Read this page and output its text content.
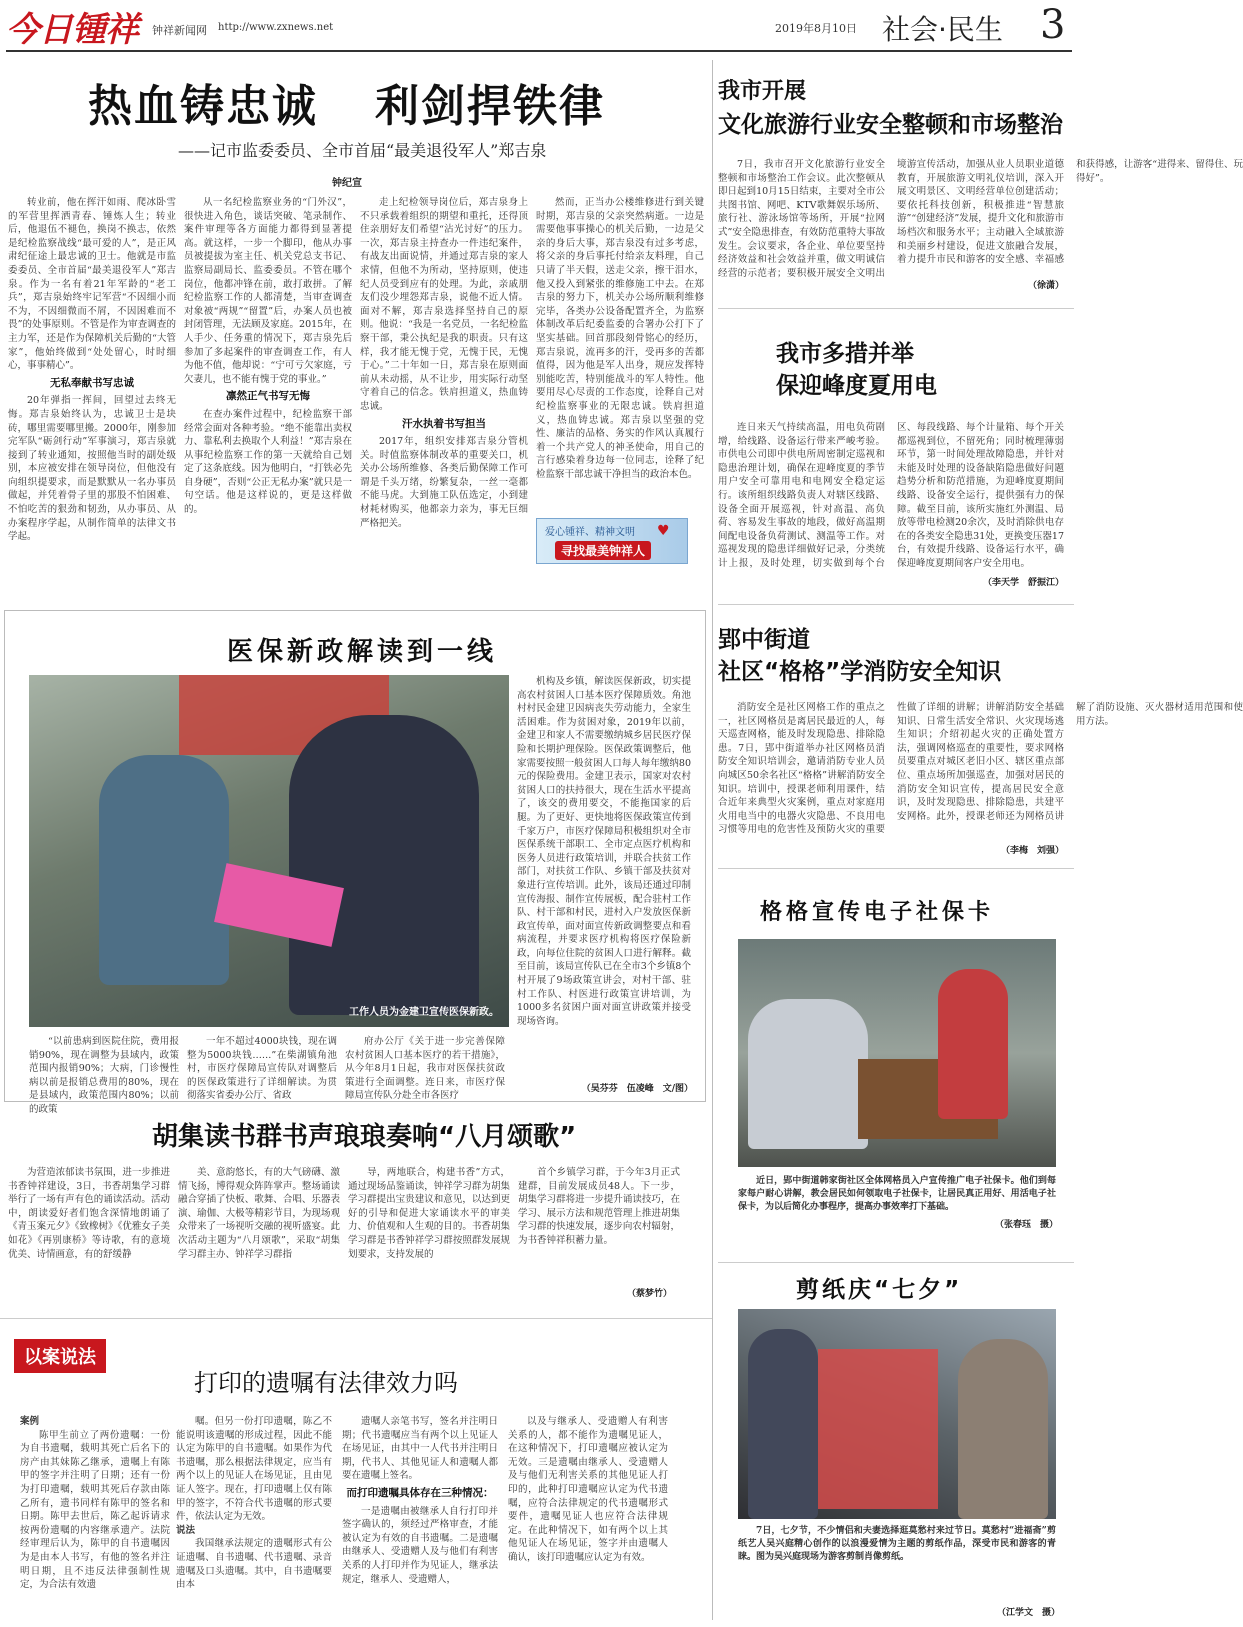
今日锺祥 钟祥新闻网 http://www.zxnews.net	2019年8月10日 社会·民生 3
热血铸忠诚 利剑捍铁律
——记市监委委员、全市首届“最美退役军人”郑吉泉
钟纪宣

转业前，他在挥汗如雨、爬冰卧雪的军营里挥洒青春、锤炼人生；转业后，他退伍不褪色，换岗不换志，依然是纪检监察战线“最可爱的人”，是正风肃纪征途上最忠诚的卫士。他就是市监委委员、全市首届“最美退役军人”郑吉泉。作为一名有着21年军龄的“老工兵”，郑吉泉始终牢记军营“不因细小而不为，不因细微而不屑，不因困难而不畏”的处事原则。不管是作为审查调查的主力军，还是作为保障机关后勤的“大管家”，他始终做到“处处留心，时时细心，事事精心”。

无私奉献书写忠诚

20年弹指一挥间，回望过去终无悔。郑吉泉始终认为，忠诚卫士是块砖，哪里需要哪里搬。2000年，刚参加完军队“砺剑行动”军事演习，郑吉泉就接到了转业通知，按照他当时的副处级别，本应被安排在领导岗位，但他没有向组织提要求，而是默默从一名办事员做起，并凭着骨子里的那股不怕困难、不怕吃苦的狠劲和韧劲，从办事员、从办案程序学起，从制作简单的法律文书学起。

从一名纪检监察业务的“门外汉”，很快进入角色，谈话突破、笔录制作、案件审理等各方面能力都得到显著提高。就这样，一步一个脚印，他从办事员被提拔为室主任、机关党总支书记、监察局副局长、监委委员。不管在哪个岗位，他都冲锋在前，敢打敢拼。了解纪检监察工作的人都清楚，当审查调查对象被“两规”“留置”后，办案人员也被封闭管理，无法顾及家庭。2015年，在人手少、任务重的情况下，郑吉泉先后参加了多起案件的审查调查工作，有人为他不值，他却说：“宁可亏欠家庭，亏欠妻儿，也不能有愧于党的事业。”

凛然正气书写无悔

在查办案件过程中，纪检监察干部经常会面对各种考验。“绝不能靠出卖权力、靠私利去换取个人利益！”郑吉泉在从事纪检监察工作的第一天就给自己划定了这条底线。因为他明白，“打铁必先自身硬”，否则“公正无私办案”就只是一句空话。他是这样说的，更是这样做的。

走上纪检领导岗位后，郑吉泉身上不只承载着组织的期望和重托，还得顶住亲朋好友们希望“沾光讨好”的压力。一次，郑吉泉主持查办一件违纪案件，有战友出面说情，并通过郑吉泉的家人求情，但他不为所动，坚持原则，使违纪人员受到应有的处理。为此，亲戚朋友们没少埋怨郑吉泉，说他不近人情。面对不解，郑吉泉选择坚持自己的原则。他说：“我是一名党员，一名纪检监察干部，秉公执纪是我的职责。只有这样，我才能无愧于党，无愧于民，无愧于心。”二十年如一日，郑吉泉在原则面前从未动摇，从不让步，用实际行动坚守着自己的信念。铁肩担道义，热血铸忠诚。

汗水执着书写担当

2017年，组织安排郑吉泉分管机关。时值监察体制改革的重要关口，机关办公场所维修、各类后勤保障工作可谓是千头万绪，纷繁复杂，一丝一毫都不能马虎。大到施工队伍选定，小到建材耗材购买，他都亲力亲为，事无巨细严格把关。

然而，正当办公楼维修进行到关键时期，郑吉泉的父亲突然病逝。一边是需要他事事操心的机关后勤，一边是父亲的身后大事，郑吉泉没有过多考虑，将父亲的身后事托付给亲友料理，自己只请了半天假，送走父亲，擦干泪水，他又投入到紧张的维修施工中去。在郑吉泉的努力下，机关办公场所顺利维修完毕，各类办公设备配置齐全，为监察体制改革后纪委监委的合署办公打下了坚实基础。回首那段刻骨铭心的经历，郑吉泉说，流再多的汗，受再多的苦都值得，因为他是军人出身，规应发挥特别能吃苦，特别能战斗的军人特性。他要用尽心尽责的工作态度，诠释自己对纪检监察事业的无限忠诚。铁肩担道义，热血铸忠诚。郑吉泉以坚强的党性、廉洁的品格、务实的作风认真履行着一个共产党人的神圣使命，用自己的言行感染着身边每一位同志，诠释了纪检监察干部忠诚干净担当的政治本色。

爱心锺祥、精神文明
寻找最美钟祥人
♥
我市开展
文化旅游行业安全整顿和市场整治

7日，我市召开文化旅游行业安全整顿和市场整治工作会议。此次整顿从即日起到10月15日结束，主要对全市公共图书馆、网吧、KTV歌舞娱乐场所、旅行社、游泳场馆等场所，开展“拉网式”安全隐患排查，有效防范重特大事故发生。会议要求，各企业、单位要坚持经济效益和社会效益并重，做文明诚信经营的示范者；要积极开展安全文明出境游宣传活动，加强从业人员职业道德教育，开展旅游文明礼仪培训，深入开展文明景区、文明经营单位创建活动；要依托科技创新，积极推进“智慧旅游”“创建经济”发展，提升文化和旅游市场档次和服务水平；主动融入全域旅游和美丽乡村建设，促进文旅融合发展，着力提升市民和游客的安全感、幸福感和获得感，让游客“进得来、留得住、玩得好”。

（徐潇）
我市多措并举
保迎峰度夏用电

连日来天气持续高温，用电负荷剧增，给线路、设备运行带来严峻考验。市供电公司即中供电所周密制定巡视和隐患治理计划，确保在迎峰度夏的季节用户安全可靠用电和电网安全稳定运行。该所组织线路负责人对辖区线路、设备全面开展巡视，针对高温、高负荷、容易发生事故的地段，做好高温期间配电设备负荷测试、测温等工作。对巡视发现的隐患详细做好记录，分类统计上报，及时处理，切实做到每个台区、每段线路、每个计量箱、每个开关都巡视到位，不留死角；同时梳理薄弱环节，第一时间处理故障隐患，并针对未能及时处理的设备缺陷隐患做好问题趋势分析和防范措施，为迎峰度夏期间线路、设备安全运行，提供强有力的保障。截至目前，该所实施红外测温、局放等带电检测20余次，及时消除供电存在的各类安全隐患31处，更换变压器17台，有效提升线路、设备运行水平，确保迎峰度夏期间客户安全用电。

（李天学　舒振江）
医保新政解读到一线
工作人员为金建卫宣传医保新政。

机构及乡镇，解读医保新政，切实提高农村贫困人口基本医疗保障质效。角池村村民金建卫因病丧失劳动能力，全家生活困难。作为贫困对象，2019年以前，金建卫和家人不需要缴纳城乡居民医疗保险和长期护理保险。医保政策调整后，他家需要按照一般贫困人口每人每年缴纳80元的保险费用。金建卫表示，国家对农村贫困人口的扶持很大，现在生活水平提高了，该交的费用要交，不能拖国家的后腿。为了更好、更快地将医保政策宣传到千家万户，市医疗保障局积极组织对全市医保系统干部职工、全市定点医疗机构和医务人员进行政策培训，并联合扶贫工作部门，对扶贫工作队、乡镇干部及扶贫对象进行宣传培训。此外，该局还通过印制宣传海报、制作宣传展板，配合驻村工作队、村干部和村民，进村入户发放医保新政宣传单，面对面宣传新政调整要点和看病流程，并要求医疗机构将医疗保险新政，向每位住院的贫困人口进行解释。截至目前，该局宣传队已在全市3个乡镇8个村开展了9场政策宣讲会，对村干部、驻村工作队、村医进行政策宣讲培训，为1000多名贫困户面对面宣讲政策并接受现场咨询。

“以前患病到医院住院，费用报销90%，现在调整为县域内，政策范围内报销90%；大病，门诊慢性病以前是报销总费用的80%，现在是县域内，政策范围内80%；以前的政策

一年不超过4000块钱，现在调整为5000块钱……”在柴湖镇角池村，市医疗保障局宣传队对调整后的医保政策进行了详细解读。为贯彻落实省委办公厅、省政

府办公厅《关于进一步完善保障农村贫困人口基本医疗的若干措施》，从今年8月1日起，我市对医保扶贫政策进行全面调整。连日来，市医疗保障局宣传队分赴全市各医疗

（吴芬芬　伍凌峰　文/图）
郢中街道
社区“格格”学消防安全知识

消防安全是社区网格工作的重点之一，社区网格员是离居民最近的人，每天巡查网格，能及时发现隐患、排除隐患。7日，郢中街道举办社区网格员消防安全知识培训会，邀请消防专业人员向城区50余名社区“格格”讲解消防安全知识。培训中，授课老师利用课件，结合近年来典型火灾案例，重点对家庭用火用电当中的电器火灾隐患、不良用电习惯等用电的危害性及预防火灾的重要性做了详细的讲解；讲解消防安全基础知识、日常生活安全常识、火灾现场逃生知识；介绍初起火灾的正确处置方法，强调网格巡查的重要性，要求网格员要重点对城区老旧小区、辖区重点部位、重点场所加强巡查，加强对居民的消防安全知识宣传，提高居民安全意识，及时发现隐患、排除隐患，共建平安网格。此外，授课老师还为网格员讲解了消防设施、灭火器材适用范围和使用方法。

（李梅　刘强）
格格宣传电子社保卡

近日，郢中街道韩家街社区全体网格员入户宣传推广电子社保卡。他们到每家每户耐心讲解，教会居民如何领取电子社保卡，让居民真正用好、用活电子社保卡，为以后简化办事程序，提高办事效率打下基础。

（张春珏　摄）
胡集读书群书声琅琅奏响“八月颂歌”

为营造浓郁读书氛围，进一步推进书香钟祥建设，3日，书香胡集学习群举行了一场有声有色的诵读活动。活动中，朗读爱好者们饱含深情地朗诵了《青玉案元夕》《致橡树》《优雅女子美如花》《再别康桥》等诗歌，有的意境优美、诗情画意，有的舒缓静

美、意韵悠长，有的大气磅礴、激情飞扬，博得观众阵阵掌声。整场诵读融合穿插了快板、歌舞、合唱、乐器表演、瑜伽、大极等精彩节目，为现场观众带来了一场视听交融的视听盛宴。此次活动主题为“八月颂歌”，采取“胡集学习群主办、钟祥学习群指

导，两地联合，构建书香”方式，通过现场品鉴诵读，钟祥学习群为胡集学习群提出宝贵建议和意见，以达到更好的引导和促进大家诵读水平的审美力、价值观和人生观的目的。书香胡集学习群是书香钟祥学习群按照群发展规划要求，支持发展的

首个乡镇学习群，于今年3月正式建群，目前发展成员48人。下一步，胡集学习群将进一步提升诵读技巧，在学习、展示方法和规范管理上推进胡集学习群的快速发展，逐步向农村辐射，为书香钟祥积蓄力量。

（蔡梦竹）
以案说法
打印的遗嘱有法律效力吗
案例

陈甲生前立了两份遗嘱：一份为自书遗嘱，载明其死亡后名下的房产由其妹陈乙继承，遗嘱上有陈甲的签字并注明了日期；还有一份为打印遗嘱，载明其死后存款由陈乙所有，遗书同样有陈甲的签名和日期。陈甲去世后，陈乙起诉请求按两份遗嘱的内容继承遗产。法院经审理后认为，陈甲的自书遗嘱因为是由本人书写，有他的签名并注明日期，且不违反法律强制性规定，为合法有效遗

嘱。但另一份打印遗嘱，陈乙不能说明该遗嘱的形成过程，因此不能认定为陈甲的自书遗嘱。如果作为代书遗嘱，那么根据法律规定，应当有两个以上的见证人在场见证，且由见证人签字。现在，打印遗嘱上仅有陈甲的签字，不符合代书遗嘱的形式要件，依法认定为无效。

说法

我国继承法规定的遗嘱形式有公证遗嘱、自书遗嘱、代书遗嘱、录音遗嘱及口头遗嘱。其中，自书遗嘱要由本

遗嘱人亲笔书写，签名并注明日期；代书遗嘱应当有两个以上见证人在场见证，由其中一人代书并注明日期，代书人、其他见证人和遗嘱人都要在遗嘱上签名。

而打印遗嘱具体存在三种情况：

一是遗嘱由被继承人自行打印并签字确认的，须经过严格审查，才能被认定为有效的自书遗嘱。二是遗嘱由继承人、受遗赠人及与他们有利害关系的人打印并作为见证人，继承法规定，继承人、受遗赠人，

以及与继承人、受遗赠人有利害关系的人，都不能作为遗嘱见证人，在这种情况下，打印遗嘱应被认定为无效。三是遗嘱由继承人、受遗赠人及与他们无利害关系的其他见证人打印的，此种打印遗嘱应认定为代书遗嘱，应符合法律规定的代书遗嘱形式要件，遗嘱见证人也应符合法律规定。在此种情况下，如有两个以上其他见证人在场见证，签字并由遗嘱人确认，该打印遗嘱应认定为有效。

剪纸庆“七夕”

7日，七夕节，不少情侣和夫妻选择逛莫愁村来过节日。莫愁村“进福斋”剪纸艺人吴兴庭精心创作的以浪漫爱情为主题的剪纸作品，深受市民和游客的青睐。图为吴兴庭现场为游客剪制肖像剪纸。

（江学文　摄）
